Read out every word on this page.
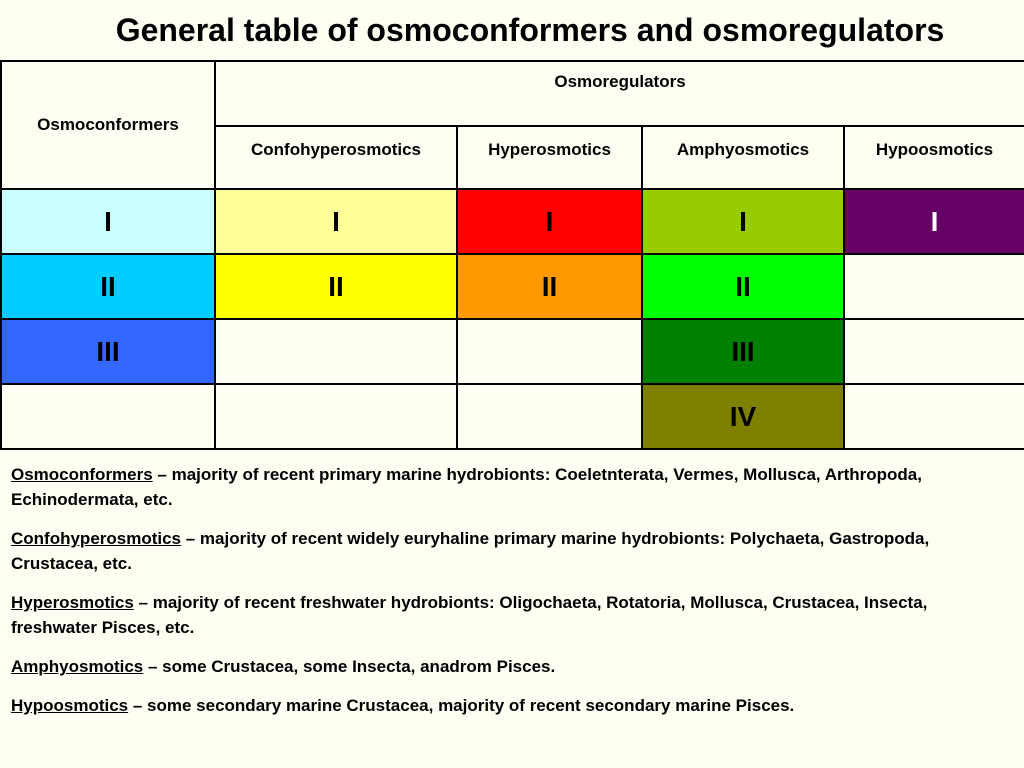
General table of osmoconformers and osmoregulators
Osmoconformers	Osmoregulators			

	Confohyperosmotics	Hyperosmotics	Amphyosmotics	Hypoosmotics
I	I	I	I	I
II	II	II	II	
III			III	
			IV	

Osmoconformers – majority of recent primary marine hydrobionts: Coeletnterata, Vermes, Mollusca, Arthropoda, Echinodermata, etc.

Confohyperosmotics – majority of recent widely euryhaline primary marine hydrobionts: Polychaeta, Gastropoda, Crustacea, etc.

Hyperosmotics – majority of recent freshwater hydrobionts: Oligochaeta, Rotatoria, Mollusca, Crustacea, Insecta, freshwater Pisces, etc.

Amphyosmotics – some Crustacea, some Insecta, anadrom Pisces.

Hypoosmotics – some secondary marine Crustacea, majority of recent secondary marine Pisces.
